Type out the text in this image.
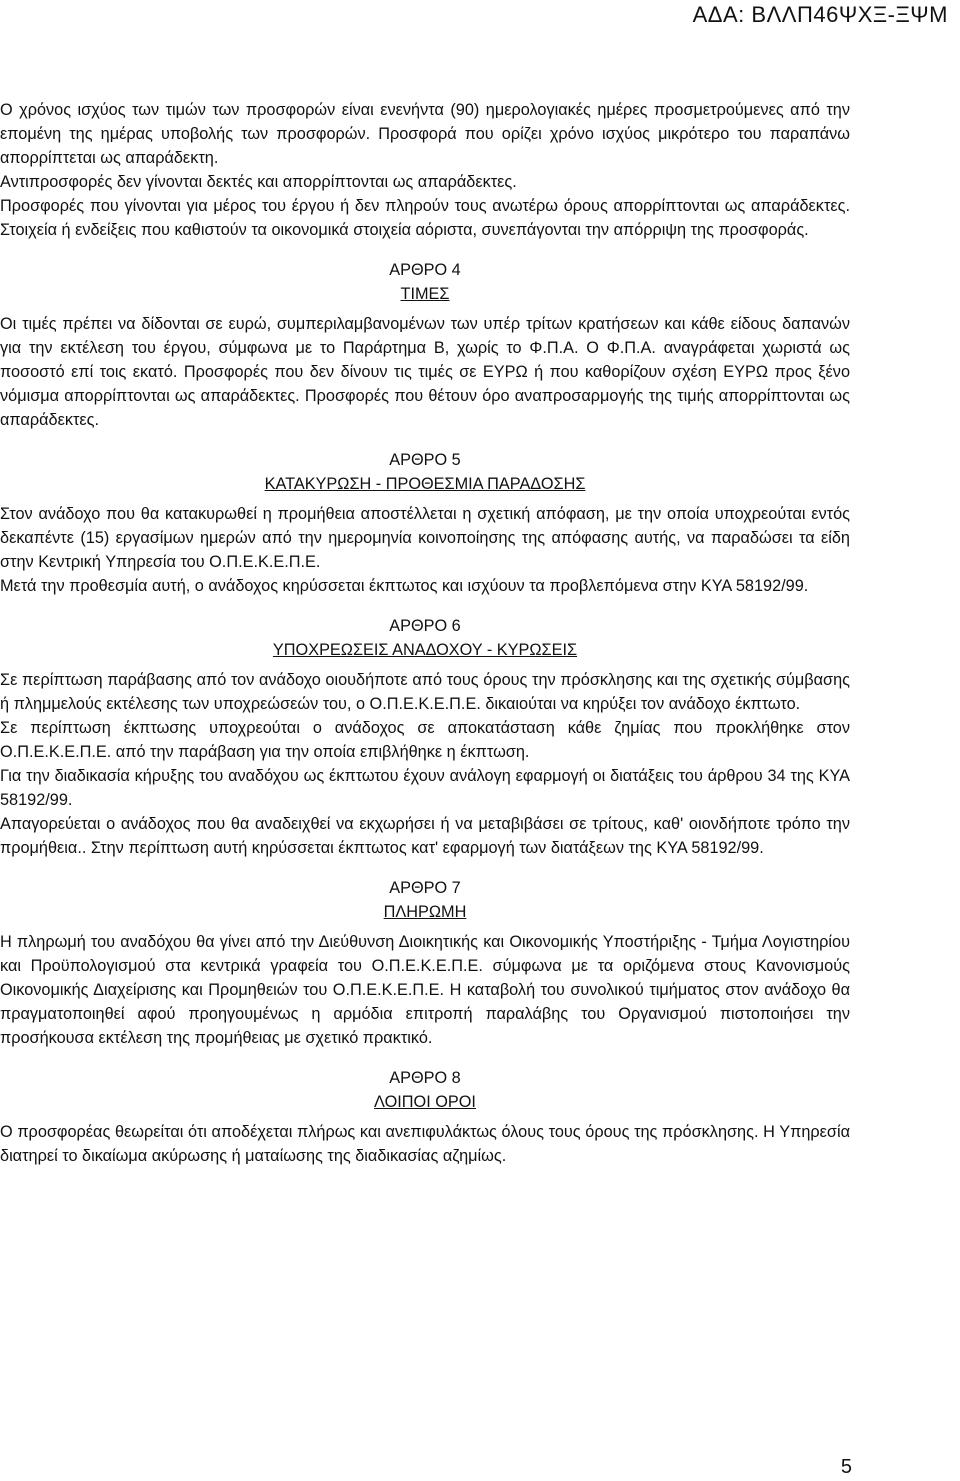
ΑΔΑ: ΒΛΛΠ46ΨΧΞ-ΞΨΜ

Ο χρόνος ισχύος των τιμών των προσφορών είναι ενενήντα (90) ημερολογιακές ημέρες προσμετρούμενες από την επομένη της ημέρας υποβολής των προσφορών. Προσφορά που ορίζει χρόνο ισχύος μικρότερο του παραπάνω απορρίπτεται ως απαράδεκτη.

Αντιπροσφορές δεν γίνονται δεκτές και απορρίπτονται ως απαράδεκτες.

Προσφορές που γίνονται για μέρος του έργου ή δεν πληρούν τους ανωτέρω όρους απορρίπτονται ως απαράδεκτες. Στοιχεία ή ενδείξεις που καθιστούν τα οικονομικά στοιχεία αόριστα, συνεπάγονται την απόρριψη της προσφοράς.

ΑΡΘΡΟ 4

ΤΙΜΕΣ

Οι τιμές πρέπει να δίδονται σε ευρώ, συμπεριλαμβανομένων των υπέρ τρίτων κρατήσεων και κάθε είδους δαπανών για την εκτέλεση του έργου, σύμφωνα με το Παράρτημα Β, χωρίς το Φ.Π.Α. Ο Φ.Π.Α. αναγράφεται χωριστά ως ποσοστό επί τοις εκατό. Προσφορές που δεν δίνουν τις τιμές σε ΕΥΡΩ ή που καθορίζουν σχέση ΕΥΡΩ προς ξένο νόμισμα απορρίπτονται ως απαράδεκτες. Προσφορές που θέτουν όρο αναπροσαρμογής της τιμής απορρίπτονται ως απαράδεκτες.

ΑΡΘΡΟ 5

ΚΑΤΑΚΥΡΩΣΗ - ΠΡΟΘΕΣΜΙΑ ΠΑΡΑΔΟΣΗΣ

Στον ανάδοχο που θα κατακυρωθεί η προμήθεια αποστέλλεται η σχετική απόφαση, με την οποία υποχρεούται εντός δεκαπέντε (15) εργασίμων ημερών από την ημερομηνία κοινοποίησης της απόφασης αυτής, να παραδώσει τα είδη στην Κεντρική Υπηρεσία του Ο.Π.Ε.Κ.Ε.Π.Ε.

Μετά την προθεσμία αυτή, ο ανάδοχος κηρύσσεται έκπτωτος και ισχύουν τα προβλεπόμενα στην ΚΥΑ 58192/99.

ΑΡΘΡΟ 6

ΥΠΟΧΡΕΩΣΕΙΣ ΑΝΑΔΟΧΟΥ - ΚΥΡΩΣΕΙΣ

Σε περίπτωση παράβασης από τον ανάδοχο οιουδήποτε από τους όρους την πρόσκλησης και της σχετικής σύμβασης ή πλημμελούς εκτέλεσης των υποχρεώσεών του, ο Ο.Π.Ε.Κ.Ε.Π.Ε. δικαιούται να κηρύξει τον ανάδοχο έκπτωτο.

Σε περίπτωση έκπτωσης υποχρεούται ο ανάδοχος σε αποκατάσταση κάθε ζημίας που προκλήθηκε στον Ο.Π.Ε.Κ.Ε.Π.Ε. από την παράβαση για την οποία επιβλήθηκε η έκπτωση.

Για την διαδικασία κήρυξης του αναδόχου ως έκπτωτου έχουν ανάλογη εφαρμογή οι διατάξεις του άρθρου 34 της ΚΥΑ 58192/99.

Απαγορεύεται ο ανάδοχος που θα αναδειχθεί να εκχωρήσει ή να μεταβιβάσει σε τρίτους, καθ' οιονδήποτε τρόπο την προμήθεια.. Στην περίπτωση αυτή κηρύσσεται έκπτωτος κατ' εφαρμογή των διατάξεων της ΚΥΑ 58192/99.

ΑΡΘΡΟ 7

ΠΛΗΡΩΜΗ

Η πληρωμή του αναδόχου θα γίνει από την Διεύθυνση Διοικητικής και Οικονομικής Υποστήριξης - Τμήμα Λογιστηρίου και Προϋπολογισμού στα κεντρικά γραφεία του Ο.Π.Ε.Κ.Ε.Π.Ε. σύμφωνα με τα οριζόμενα στους Κανονισμούς Οικονομικής Διαχείρισης και Προμηθειών του Ο.Π.Ε.Κ.Ε.Π.Ε. Η καταβολή του συνολικού τιμήματος στον ανάδοχο θα πραγματοποιηθεί αφού προηγουμένως η αρμόδια επιτροπή παραλάβης του Οργανισμού πιστοποιήσει την προσήκουσα εκτέλεση της προμήθειας με σχετικό πρακτικό.

ΑΡΘΡΟ 8

ΛΟΙΠΟΙ ΟΡΟΙ

Ο προσφορέας θεωρείται ότι αποδέχεται πλήρως και ανεπιφυλάκτως όλους τους όρους της πρόσκλησης. Η Υπηρεσία διατηρεί το δικαίωμα ακύρωσης ή ματαίωσης της διαδικασίας αζημίως.

5
